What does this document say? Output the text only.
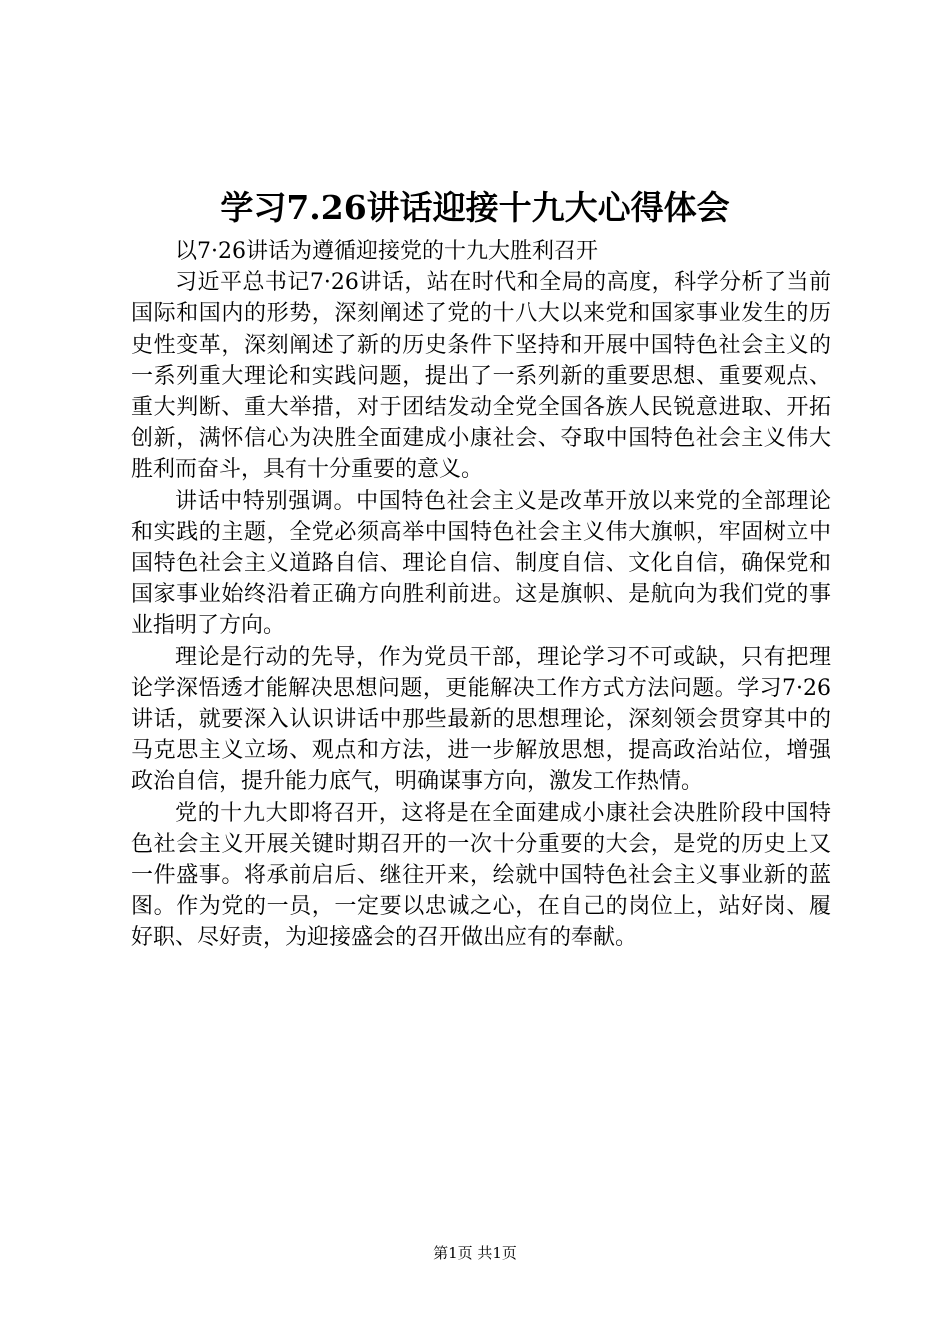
学习7.26讲话迎接十九大心得体会

以7·26讲话为遵循迎接党的十九大胜利召开

习近平总书记7·26讲话，站在时代和全局的高度，科学分析了当前国际和国内的形势，深刻阐述了党的十八大以来党和国家事业发生的历史性变革，深刻阐述了新的历史条件下坚持和开展中国特色社会主义的一系列重大理论和实践问题，提出了一系列新的重要思想、重要观点、重大判断、重大举措，对于团结发动全党全国各族人民锐意进取、开拓创新，满怀信心为决胜全面建成小康社会、夺取中国特色社会主义伟大胜利而奋斗，具有十分重要的意义。

讲话中特别强调。中国特色社会主义是改革开放以来党的全部理论和实践的主题，全党必须高举中国特色社会主义伟大旗帜，牢固树立中国特色社会主义道路自信、理论自信、制度自信、文化自信，确保党和国家事业始终沿着正确方向胜利前进。这是旗帜、是航向为我们党的事业指明了方向。

理论是行动的先导，作为党员干部，理论学习不可或缺，只有把理论学深悟透才能解决思想问题，更能解决工作方式方法问题。学习7·26讲话，就要深入认识讲话中那些最新的思想理论，深刻领会贯穿其中的马克思主义立场、观点和方法，进一步解放思想，提高政治站位，增强政治自信，提升能力底气，明确谋事方向，激发工作热情。

党的十九大即将召开，这将是在全面建成小康社会决胜阶段中国特色社会主义开展关键时期召开的一次十分重要的大会，是党的历史上又一件盛事。将承前启后、继往开来，绘就中国特色社会主义事业新的蓝图。作为党的一员，一定要以忠诚之心，在自己的岗位上，站好岗、履好职、尽好责，为迎接盛会的召开做出应有的奉献。

第1页 共1页
